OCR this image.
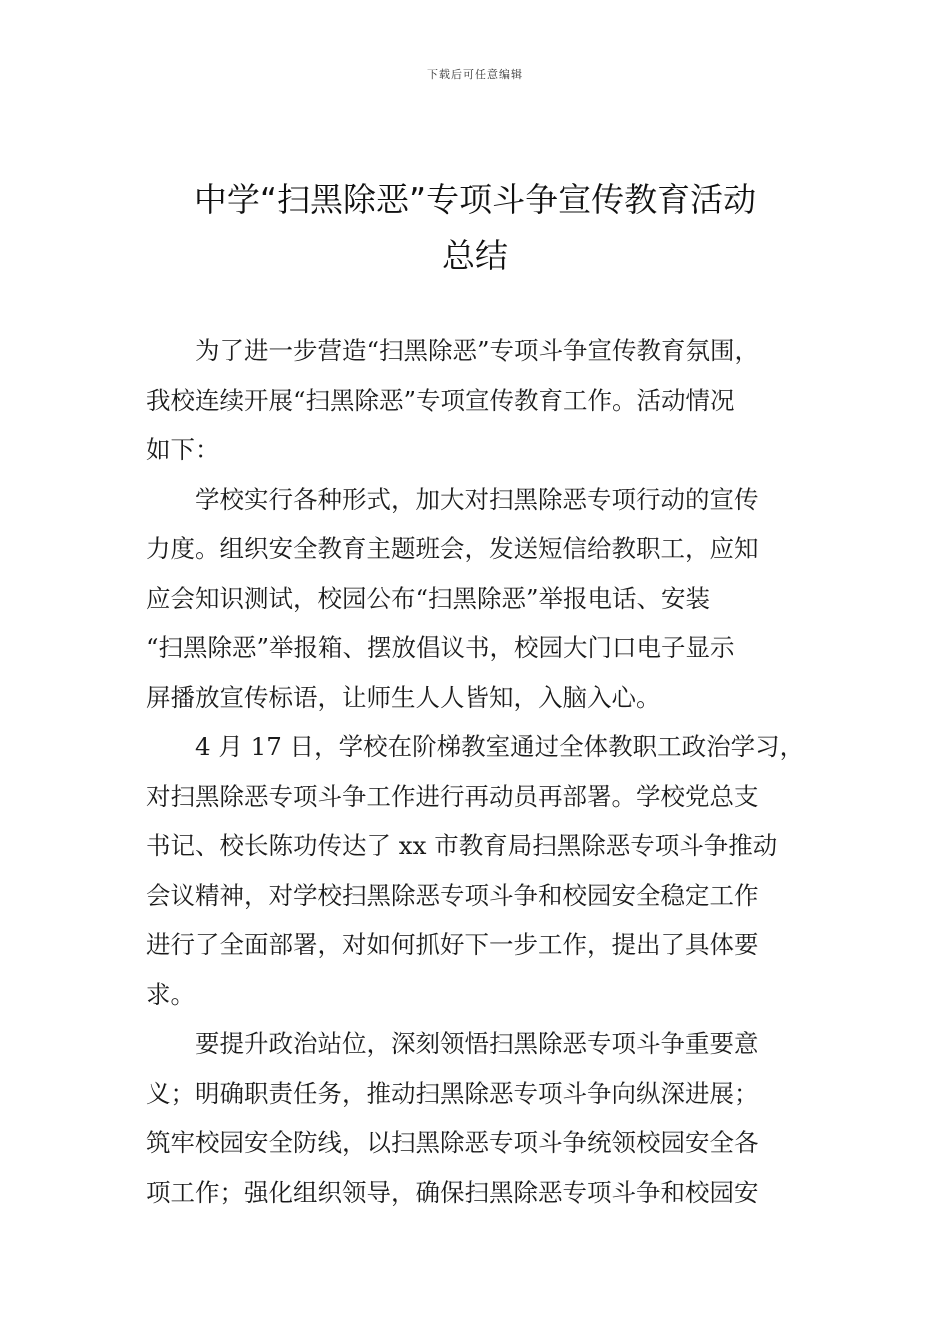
下载后可任意编辑
中学“扫黑除恶”专项斗争宣传教育活动
总结

为了进一步营造“扫黑除恶”专项斗争宣传教育氛围，
我校连续开展“扫黑除恶”专项宣传教育工作。活动情况
如下：

学校实行各种形式，加大对扫黑除恶专项行动的宣传
力度。组织安全教育主题班会，发送短信给教职工，应知
应会知识测试，校园公布“扫黑除恶”举报电话、安装
“扫黑除恶”举报箱、摆放倡议书，校园大门口电子显示
屏播放宣传标语，让师生人人皆知，入脑入心。

4 月 17 日，学校在阶梯教室通过全体教职工政治学习，
对扫黑除恶专项斗争工作进行再动员再部署。学校党总支
书记、校长陈功传达了 xx 市教育局扫黑除恶专项斗争推动
会议精神，对学校扫黑除恶专项斗争和校园安全稳定工作
进行了全面部署，对如何抓好下一步工作，提出了具体要
求。

要提升政治站位，深刻领悟扫黑除恶专项斗争重要意
义；明确职责任务，推动扫黑除恶专项斗争向纵深进展；
筑牢校园安全防线，以扫黑除恶专项斗争统领校园安全各
项工作；强化组织领导，确保扫黑除恶专项斗争和校园安
